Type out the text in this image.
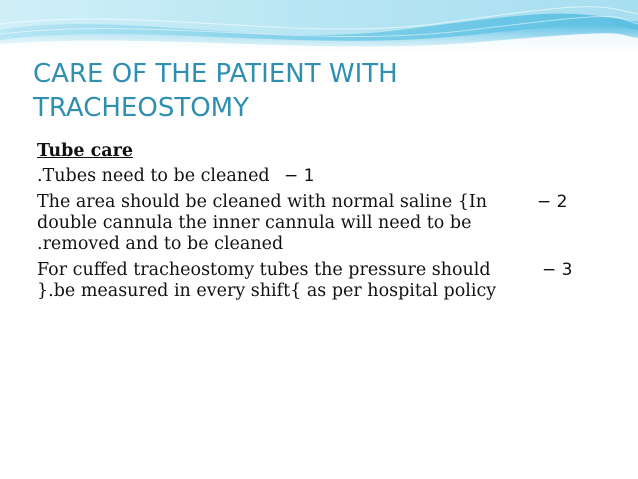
CARE OF THE PATIENT WITH
TRACHEOSTOMY
Tube care
.Tubes need to be cleaned 1 −
The area should be cleaned with normal saline {In	2 −
double cannula the inner cannula will need to be
.removed and to be cleaned
For cuffed tracheostomy tubes the pressure should	3 −
}.be measured in every shift{ as per hospital policy
